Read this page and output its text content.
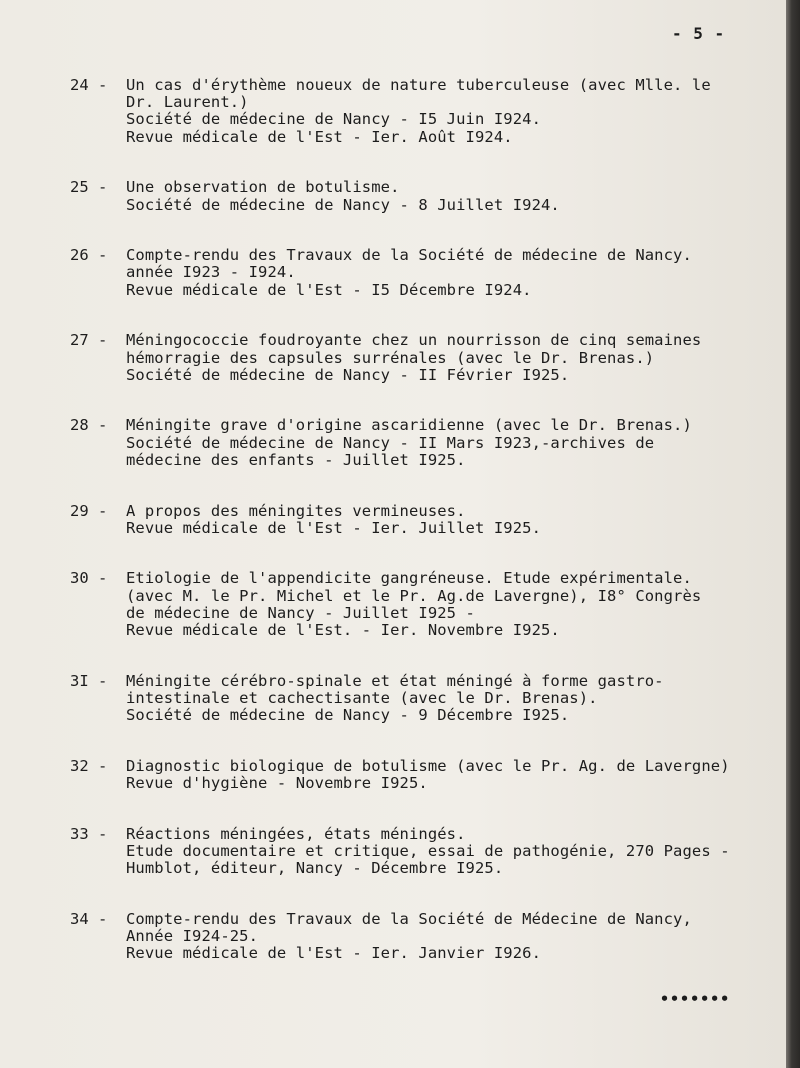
- 5 -
24 - Un cas d'érythème noueux de nature tuberculeuse (avec Mlle. le
Dr. Laurent.)
Société de médecine de Nancy - I5 Juin I924.
Revue médicale de l'Est - Ier. Août I924.
25 - Une observation de botulisme.
Société de médecine de Nancy - 8 Juillet I924.
26 - Compte-rendu des Travaux de la Société de médecine de Nancy.
année I923 - I924.
Revue médicale de l'Est - I5 Décembre I924.
27 - Méningococcie foudroyante chez un nourrisson de cinq semaines
hémorragie des capsules surrénales (avec le Dr. Brenas.)
Société de médecine de Nancy - II Février I925.
28 - Méningite grave d'origine ascaridienne (avec le Dr. Brenas.)
Société de médecine de Nancy - II Mars I923,-archives de
médecine des enfants - Juillet I925.
29 - A propos des méningites vermineuses.
Revue médicale de l'Est - Ier. Juillet I925.
30 - Etiologie de l'appendicite gangréneuse. Etude expérimentale.
(avec M. le Pr. Michel et le Pr. Ag.de Lavergne), I8° Congrès
de médecine de Nancy - Juillet I925 -
Revue médicale de l'Est. - Ier. Novembre I925.
3I - Méningite cérébro-spinale et état méningé à forme gastro-
intestinale et cachectisante (avec le Dr. Brenas).
Société de médecine de Nancy - 9 Décembre I925.
32 - Diagnostic biologique de botulisme (avec le Pr. Ag. de Lavergne)
Revue d'hygiène - Novembre I925.
33 - Réactions méningées, états méningés.
Etude documentaire et critique, essai de pathogénie, 270 Pages -
Humblot, éditeur, Nancy - Décembre I925.
34 - Compte-rendu des Travaux de la Société de Médecine de Nancy,
Année I924-25.
Revue médicale de l'Est - Ier. Janvier I926.
•••••••
